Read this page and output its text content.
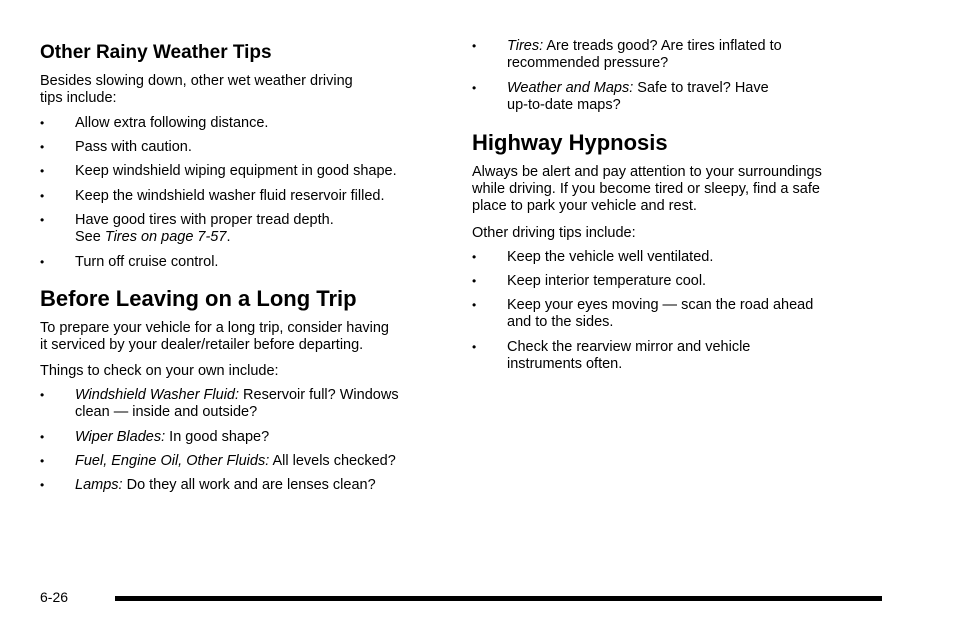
Other Rainy Weather Tips
Besides slowing down, other wet weather driving
tips include:
• Allow extra following distance.
• Pass with caution.
• Keep windshield wiping equipment in good shape.
• Keep the windshield washer fluid reservoir filled.
• Have good tires with proper tread depth.
See Tires on page 7-57.
• Turn off cruise control.
Before Leaving on a Long Trip
To prepare your vehicle for a long trip, consider having
it serviced by your dealer/retailer before departing.
Things to check on your own include:
• Windshield Washer Fluid: Reservoir full? Windows
clean — inside and outside?
• Wiper Blades: In good shape?
• Fuel, Engine Oil, Other Fluids: All levels checked?
• Lamps: Do they all work and are lenses clean?
• Tires: Are treads good? Are tires inflated to
recommended pressure?
• Weather and Maps: Safe to travel? Have
up-to-date maps?
Highway Hypnosis
Always be alert and pay attention to your surroundings
while driving. If you become tired or sleepy, find a safe
place to park your vehicle and rest.
Other driving tips include:
• Keep the vehicle well ventilated.
• Keep interior temperature cool.
• Keep your eyes moving — scan the road ahead
and to the sides.
• Check the rearview mirror and vehicle
instruments often.
6-26
